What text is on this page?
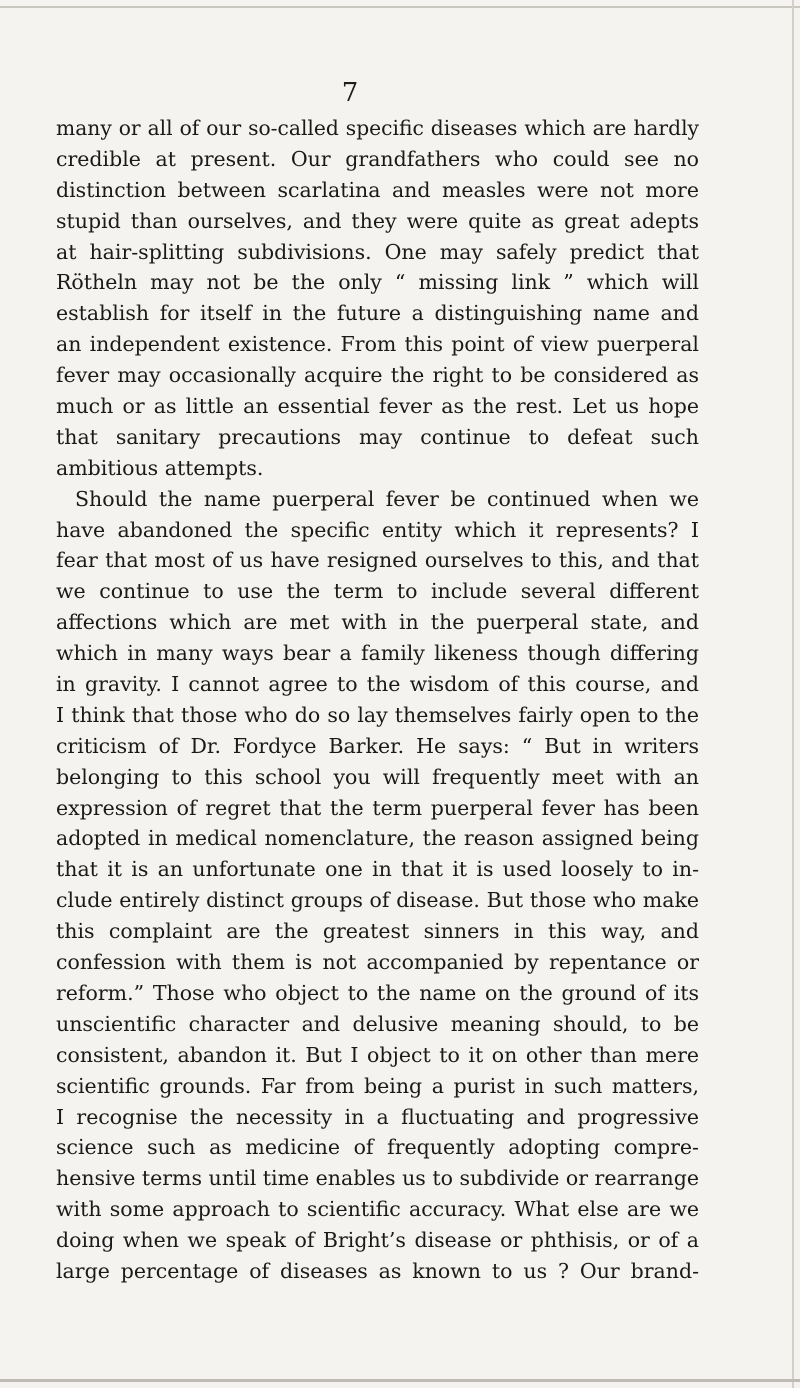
7
many or all of our so-called specific diseases which are hardly
credible at present. Our grandfathers who could see no
distinction between scarlatina and measles were not more
stupid than ourselves, and they were quite as great adepts
at hair-splitting subdivisions. One may safely predict that
Rötheln may not be the only “ missing link ” which will
establish for itself in the future a distinguishing name and
an independent existence. From this point of view puerperal
fever may occasionally acquire the right to be considered as
much or as little an essential fever as the rest. Let us hope
that sanitary precautions may continue to defeat such
ambitious attempts.
Should the name puerperal fever be continued when we
have abandoned the specific entity which it represents? I
fear that most of us have resigned ourselves to this, and that
we continue to use the term to include several different
affections which are met with in the puerperal state, and
which in many ways bear a family likeness though differing
in gravity. I cannot agree to the wisdom of this course, and
I think that those who do so lay themselves fairly open to the
criticism of Dr. Fordyce Barker. He says: “ But in writers
belonging to this school you will frequently meet with an
expression of regret that the term puerperal fever has been
adopted in medical nomenclature, the reason assigned being
that it is an unfortunate one in that it is used loosely to in-
clude entirely distinct groups of disease. But those who make
this complaint are the greatest sinners in this way, and
confession with them is not accompanied by repentance or
reform.” Those who object to the name on the ground of its
unscientific character and delusive meaning should, to be
consistent, abandon it. But I object to it on other than mere
scientific grounds. Far from being a purist in such matters,
I recognise the necessity in a fluctuating and progressive
science such as medicine of frequently adopting compre-
hensive terms until time enables us to subdivide or rearrange
with some approach to scientific accuracy. What else are we
doing when we speak of Bright’s disease or phthisis, or of a
large percentage of diseases as known to us ? Our brand-
